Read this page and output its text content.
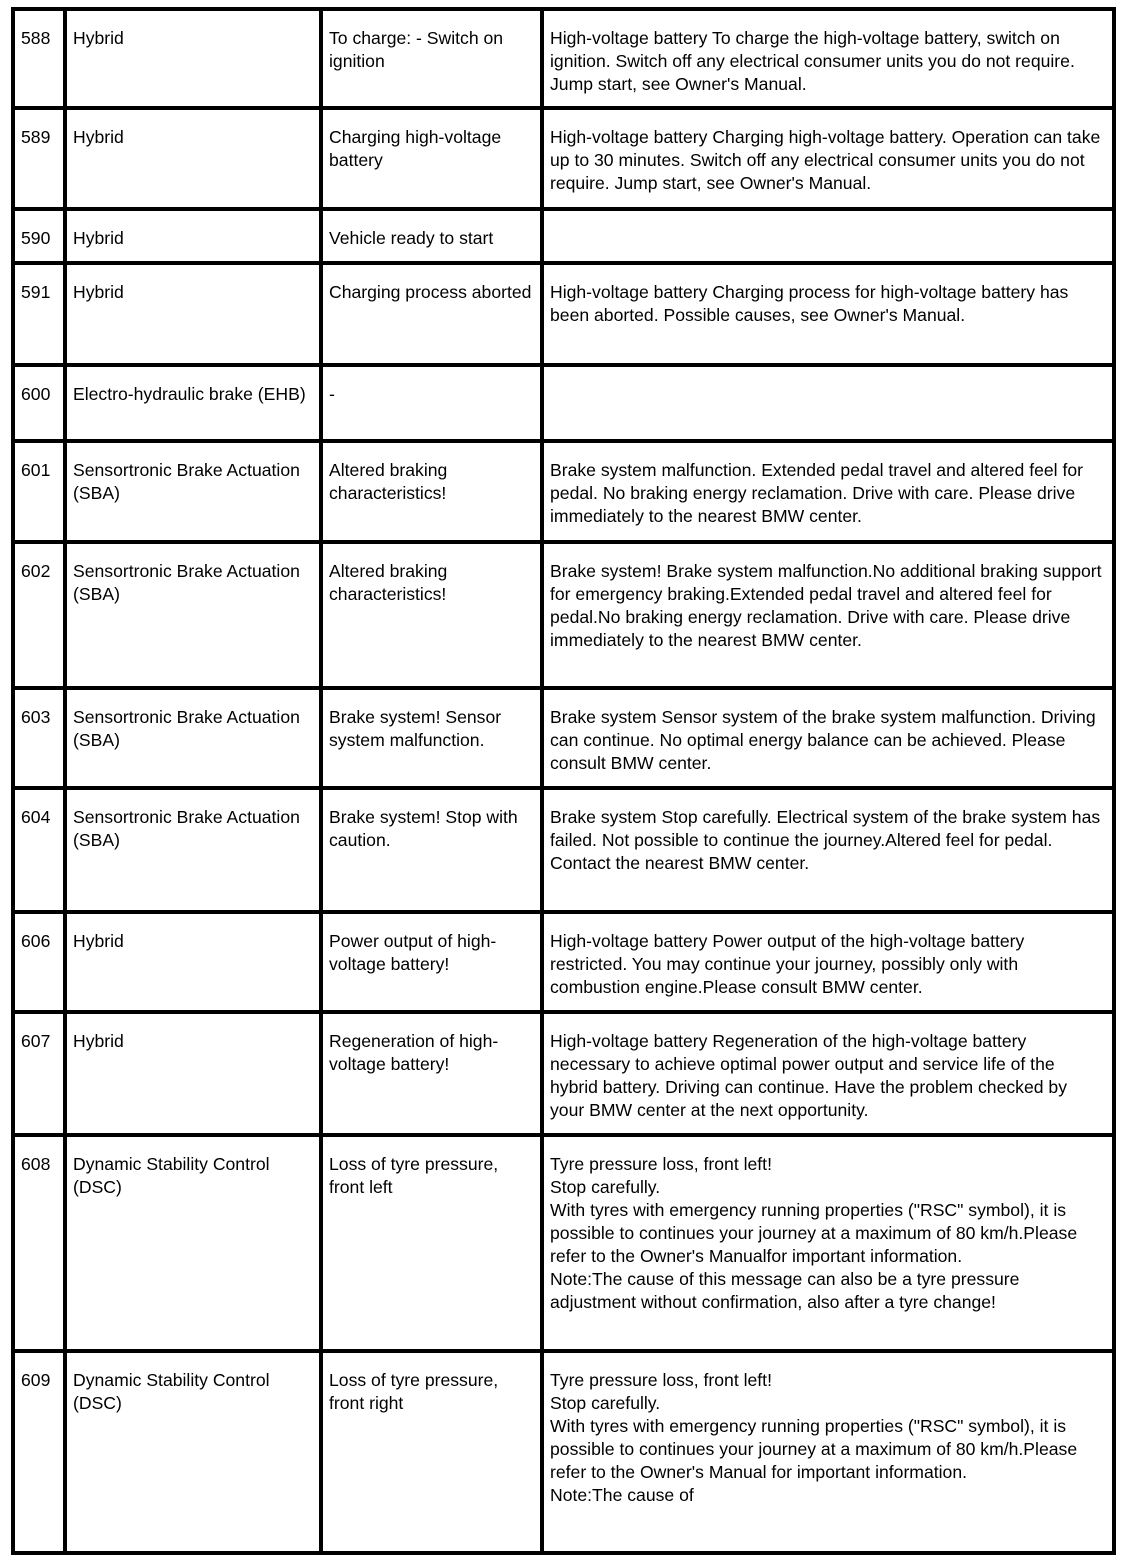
588	Hybrid	To charge: - Switch on ignition	High-voltage battery To charge the high-voltage battery, switch on ignition. Switch off any electrical consumer units you do not require. Jump start, see Owner's Manual.
589	Hybrid	Charging high-voltage battery	High-voltage battery Charging high-voltage battery. Operation can take up to 30 minutes. Switch off any electrical consumer units you do not require. Jump start, see Owner's Manual.
590	Hybrid	Vehicle ready to start	
591	Hybrid	Charging process aborted	High-voltage battery Charging process for high-voltage battery has been aborted. Possible causes, see Owner's Manual.
600	Electro-hydraulic brake (EHB)	-	
601	Sensortronic Brake Actuation (SBA)	Altered braking characteristics!	Brake system malfunction. Extended pedal travel and altered feel for pedal. No braking energy reclamation. Drive with care. Please drive immediately to the nearest BMW center.
602	Sensortronic Brake Actuation (SBA)	Altered braking characteristics!	Brake system! Brake system malfunction.No additional braking support for emergency braking.Extended pedal travel and altered feel for pedal.No braking energy reclamation. Drive with care. Please drive immediately to the nearest BMW center.
603	Sensortronic Brake Actuation (SBA)	Brake system! Sensor system malfunction.	Brake system Sensor system of the brake system malfunction. Driving can continue. No optimal energy balance can be achieved. Please consult BMW center.
604	Sensortronic Brake Actuation (SBA)	Brake system! Stop with caution.	Brake system Stop carefully. Electrical system of the brake system has failed. Not possible to continue the journey.Altered feel for pedal. Contact the nearest BMW center.
606	Hybrid	Power output of high-voltage battery!	High-voltage battery Power output of the high-voltage battery restricted. You may continue your journey, possibly only with combustion engine.Please consult BMW center.
607	Hybrid	Regeneration of high-voltage battery!	High-voltage battery Regeneration of the high-voltage battery necessary to achieve optimal power output and service life of the hybrid battery. Driving can continue. Have the problem checked by your BMW center at the next opportunity.
608	Dynamic Stability Control (DSC)	Loss of tyre pressure, front left	Tyre pressure loss, front left!
Stop carefully.
With tyres with emergency running properties ("RSC" symbol), it is possible to continues your journey at a maximum of 80 km/h.Please refer to the Owner's Manualfor important information.
Note:The cause of this message can also be a tyre pressure adjustment without confirmation, also after a tyre change!
609	Dynamic Stability Control (DSC)	Loss of tyre pressure, front right	Tyre pressure loss, front left!
Stop carefully.
With tyres with emergency running properties ("RSC" symbol), it is possible to continues your journey at a maximum of 80 km/h.Please refer to the Owner's Manual for important information.
Note:The cause of
